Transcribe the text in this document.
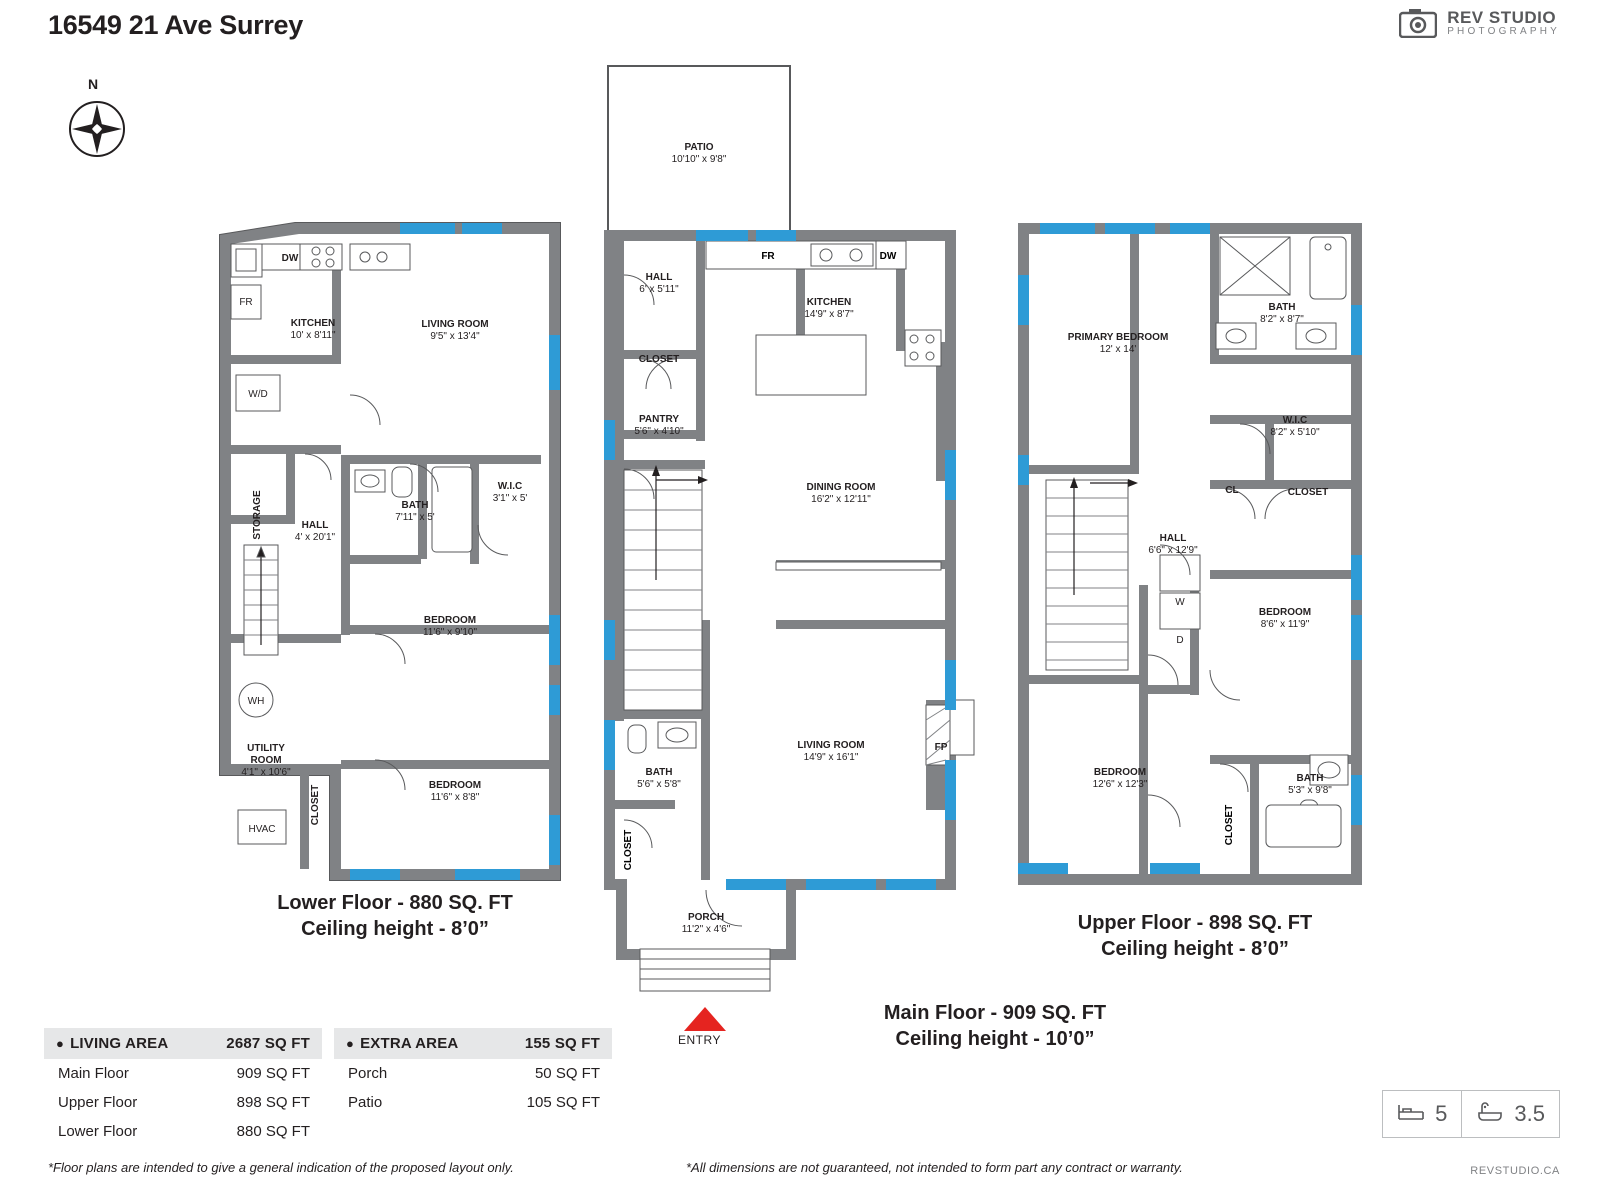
16549 21 Ave Surrey	REV STUDIO
PHOTOGRAPHY
N
FR
DW
W/D
WH
HVAC
KITCHEN
10' x 8'11"
LIVING ROOM
9'5" x 13'4"
BATH
7'11" x 5'
W.I.C
3'1" x 5'
HALL
4' x 20'1"
BEDROOM
11'6" x 9'10"
BEDROOM
11'6" x 8'8"
UTILITY
ROOM
4'1" x 10'6"
STORAGE
CLOSET
Lower Floor - 880 SQ. FT
Ceiling height - 8’0”
FR	DW
PATIO
10'10" x 9'8"
HALL
6' x 5'11"
CLOSET
PANTRY
5'6" x 4'10"
KITCHEN
14'9" x 8'7"
DINING ROOM
16'2" x 12'11"
BATH
5'6" x 5'8"
LIVING ROOM
14'9" x 16'1"
FP
PORCH
11'2" x 4'6"
CLOSET
ENTRY
Main Floor - 909 SQ. FT
Ceiling height - 10’0”
PRIMARY BEDROOM
12' x 14'
BATH
8'2" x 8'7"
W.I.C
8'2" x 5'10"
CLOSET
CL
HALL
6'6" x 12'9"
W
D
BEDROOM
8'6" x 11'9"
BEDROOM
12'6" x 12'3"
BATH
5'3" x 9'8"
CLOSET
Upper Floor - 898 SQ. FT
Ceiling height - 8’0”
● LIVING AREA	2687 SQ FT
Main Floor	909 SQ FT
Upper Floor	898 SQ FT
Lower Floor	880 SQ FT
● EXTRA AREA	155 SQ FT
Porch	50 SQ FT
Patio	105 SQ FT	5	3.5
*Floor plans are intended to give a general indication of the proposed layout only.	*All dimensions are not guaranteed, not intended to form part any contract or warranty.	REVSTUDIO.CA
